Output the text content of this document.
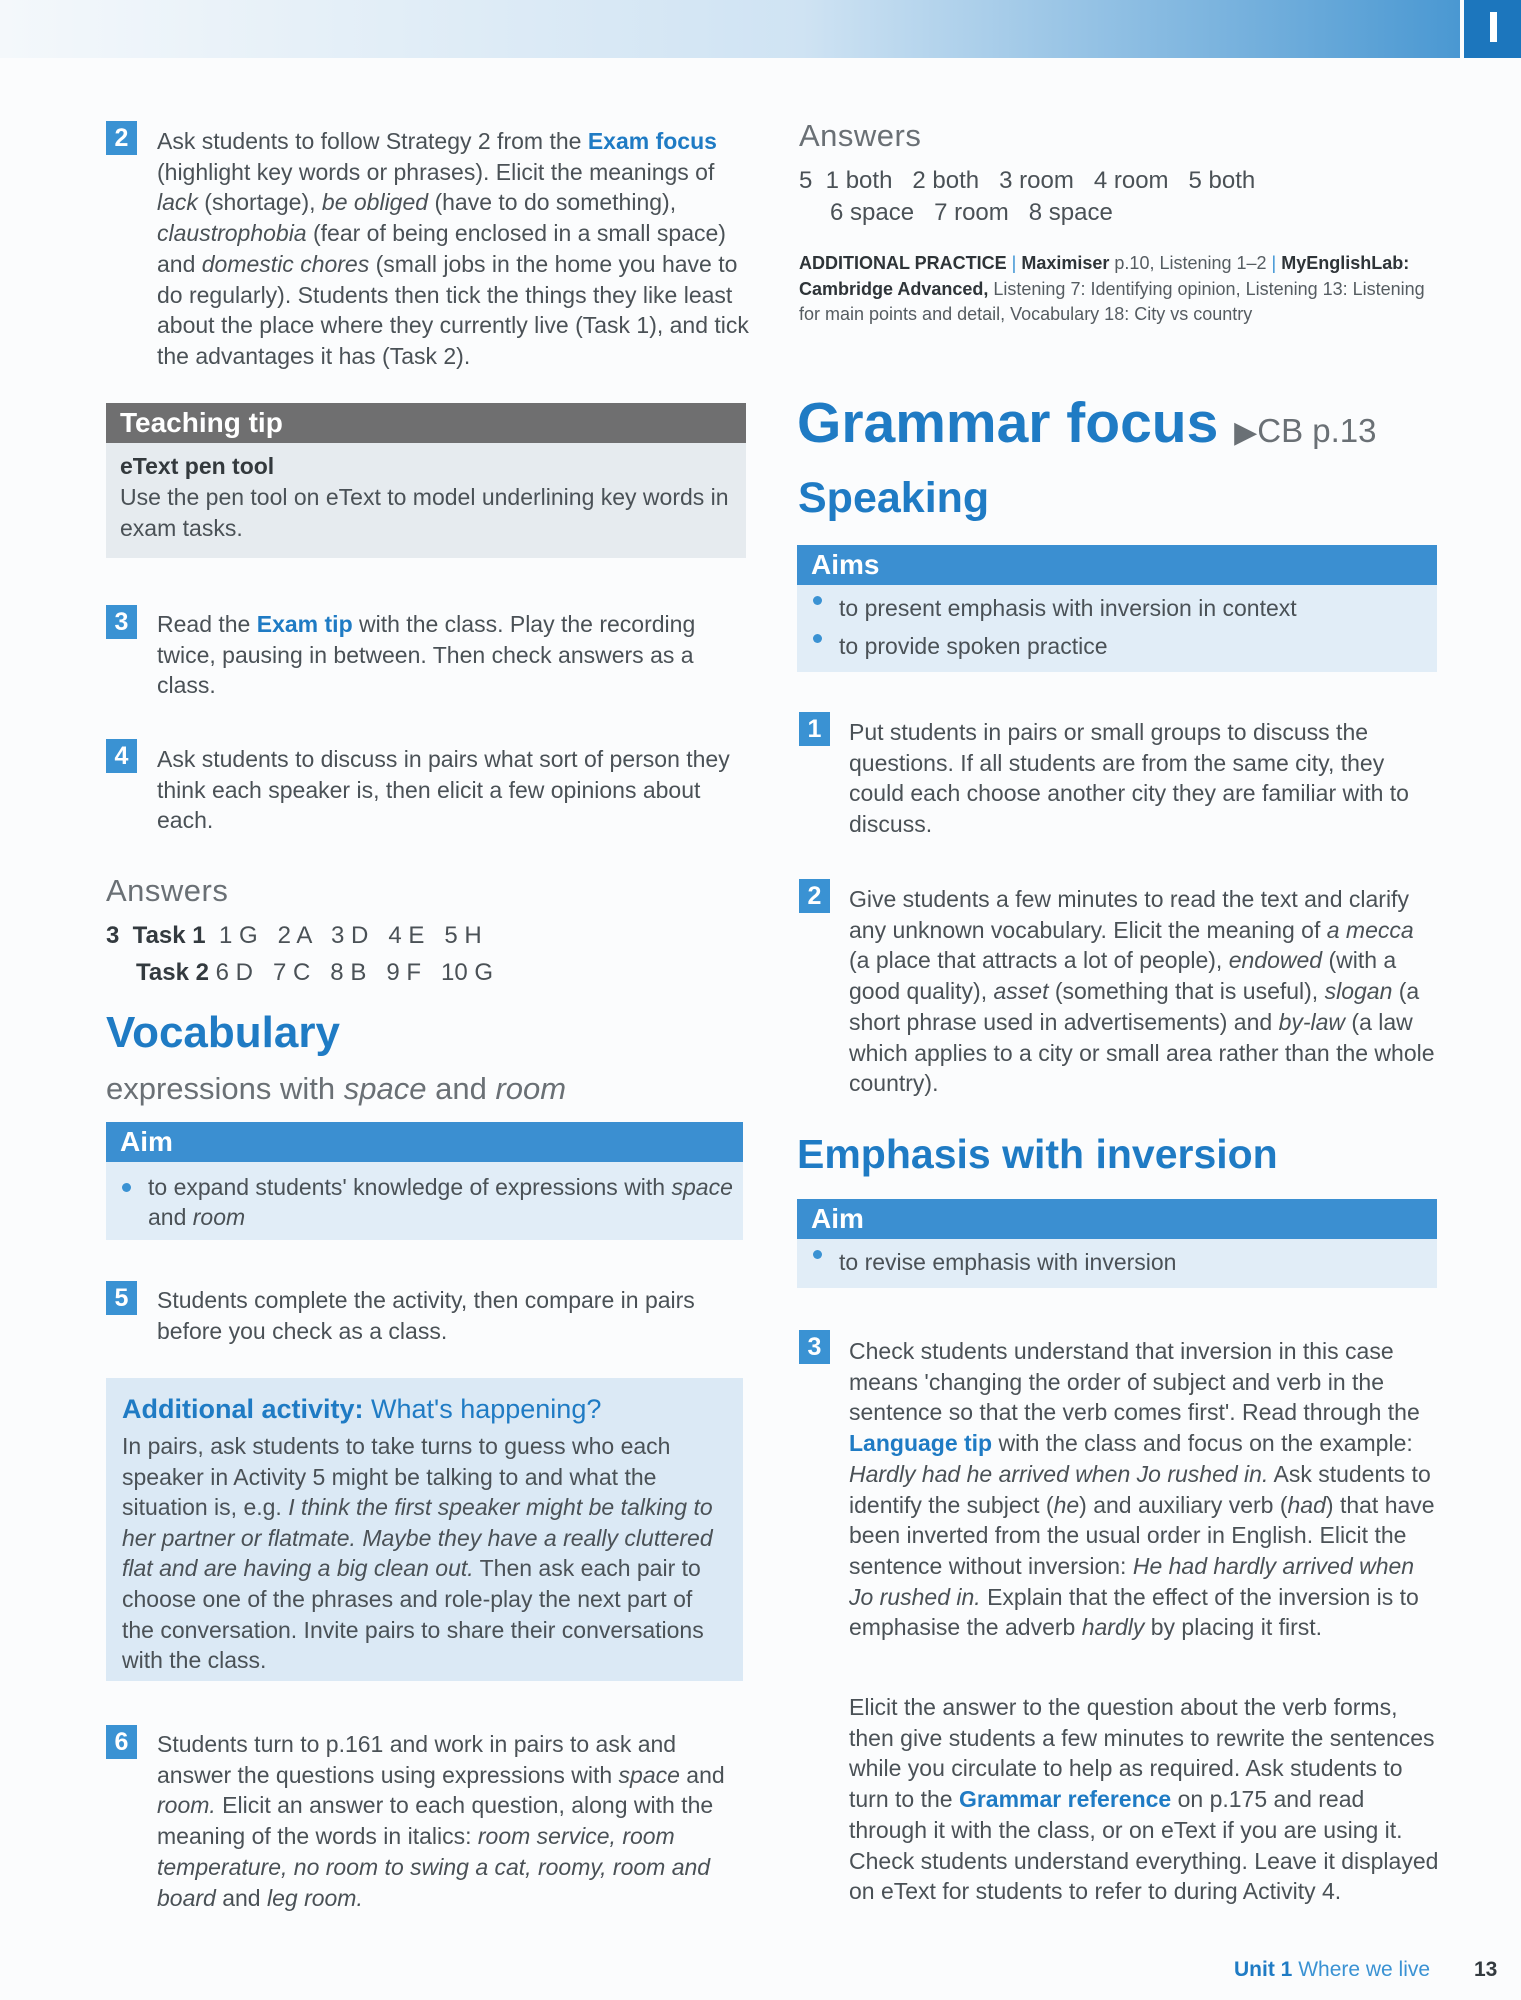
2	Ask students to follow Strategy 2 from the Exam focus (highlight key words or phrases). Elicit the meanings of lack (shortage), be obliged (have to do something), claustrophobia (fear of being enclosed in a small space) and domestic chores (small jobs in the home you have to do regularly). Students then tick the things they like least about the place where they currently live (Task 1), and tick the advantages it has (Task 2).
Teaching tip
eText pen tool
Use the pen tool on eText to model underlining key words in exam tasks.
3	Read the Exam tip with the class. Play the recording twice, pausing in between. Then check answers as a class.
4	Ask students to discuss in pairs what sort of person they think each speaker is, then elicit a few opinions about each.
Answers
3  Task 1  1 G   2 A   3 D   4 E   5 H
Task 2 6 D   7 C   8 B   9 F   10 G
Vocabulary
expressions with space and room
Aim
to expand students' knowledge of expressions with space and room
5	Students complete the activity, then compare in pairs before you check as a class.
Additional activity: What's happening?
In pairs, ask students to take turns to guess who each speaker in Activity 5 might be talking to and what the situation is, e.g. I think the first speaker might be talking to her partner or flatmate. Maybe they have a really cluttered flat and are having a big clean out. Then ask each pair to choose one of the phrases and role-play the next part of the conversation. Invite pairs to share their conversations with the class.
6	Students turn to p.161 and work in pairs to ask and answer the questions using expressions with space and room. Elicit an answer to each question, along with the meaning of the words in italics: room service, room temperature, no room to swing a cat, roomy, room and board and leg room.
Answers
5  1 both   2 both   3 room   4 room   5 both
6 space   7 room   8 space
ADDITIONAL PRACTICE | Maximiser p.10, Listening 1–2 | MyEnglishLab: Cambridge Advanced, Listening 7: Identifying opinion, Listening 13: Listening for main points and detail, Vocabulary 18: City vs country
Grammar focus ▶CB p.13
Speaking
Aims
to present emphasis with inversion in context
to provide spoken practice
1	Put students in pairs or small groups to discuss the questions. If all students are from the same city, they could each choose another city they are familiar with to discuss.
2	Give students a few minutes to read the text and clarify any unknown vocabulary. Elicit the meaning of a mecca (a place that attracts a lot of people), endowed (with a good quality), asset (something that is useful), slogan (a short phrase used in advertisements) and by-law (a law which applies to a city or small area rather than the whole country).
Emphasis with inversion
Aim
to revise emphasis with inversion
3	Check students understand that inversion in this case means 'changing the order of subject and verb in the sentence so that the verb comes first'. Read through the Language tip with the class and focus on the example: Hardly had he arrived when Jo rushed in. Ask students to identify the subject (he) and auxiliary verb (had) that have been inverted from the usual order in English. Elicit the sentence without inversion: He had hardly arrived when Jo rushed in. Explain that the effect of the inversion is to emphasise the adverb hardly by placing it first.
Elicit the answer to the question about the verb forms, then give students a few minutes to rewrite the sentences while you circulate to help as required. Ask students to turn to the Grammar reference on p.175 and read through it with the class, or on eText if you are using it. Check students understand everything. Leave it displayed on eText for students to refer to during Activity 4.
Unit 1 Where we live 13
